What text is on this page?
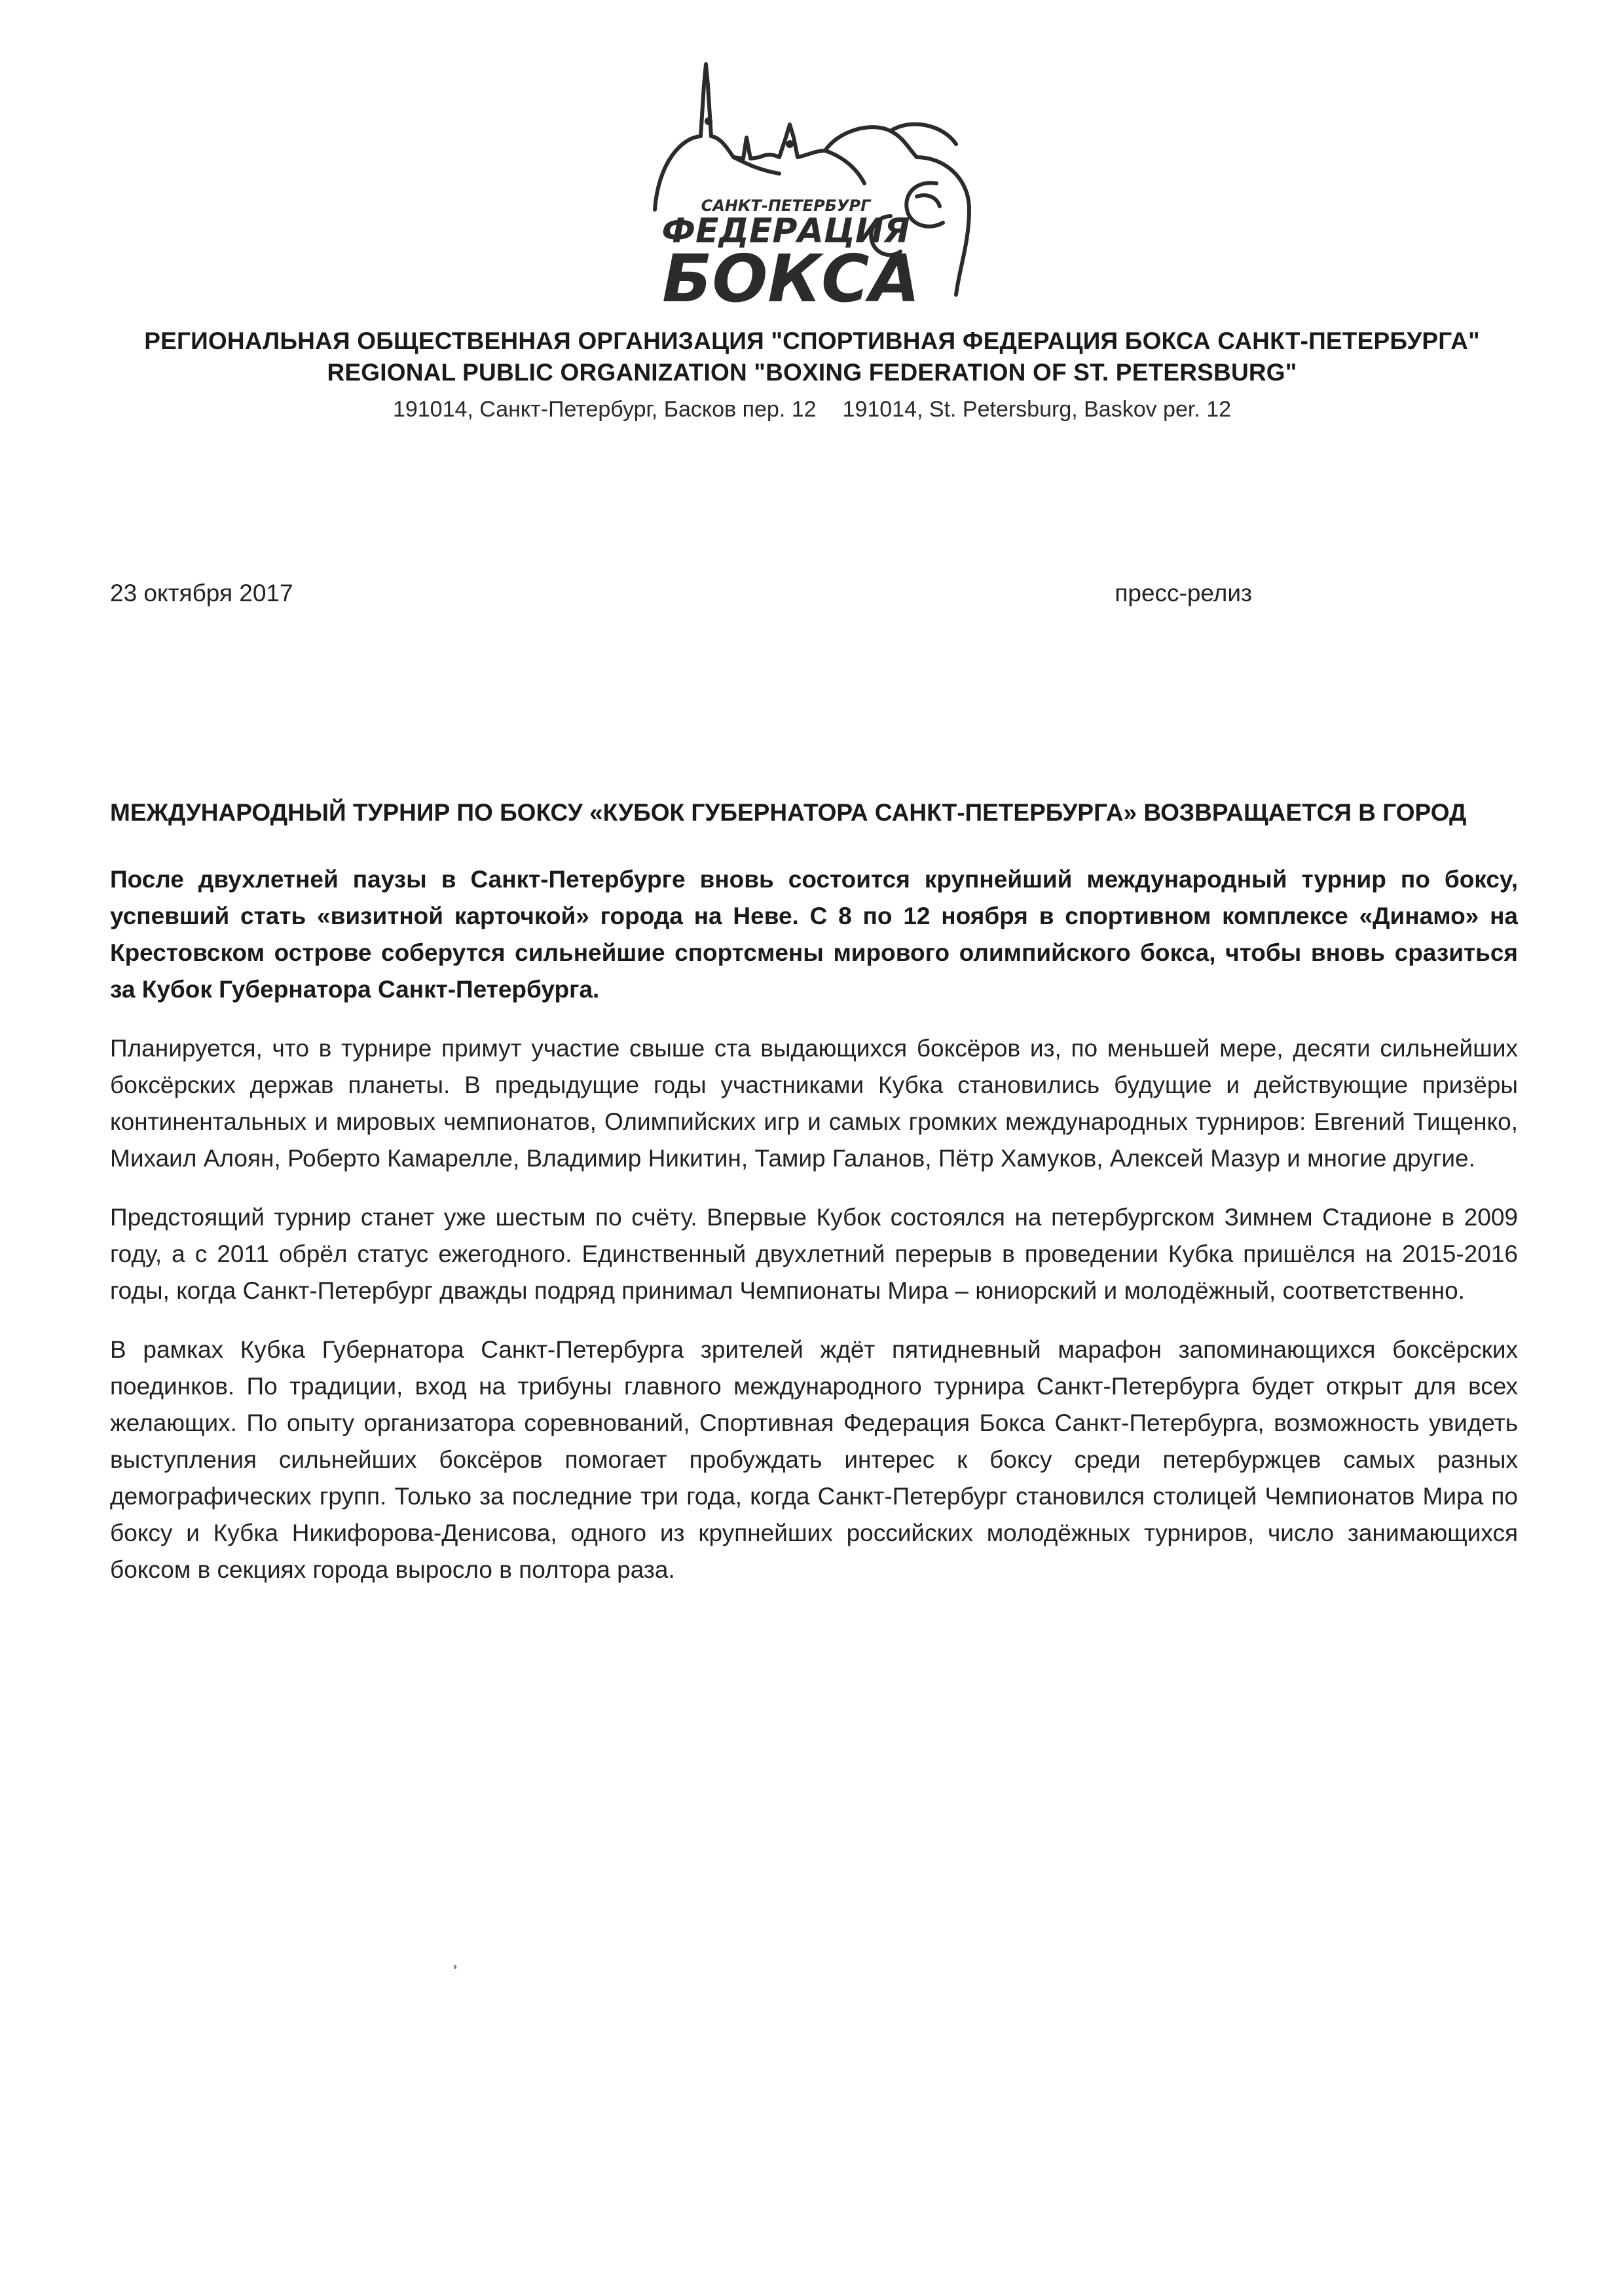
САНКТ-ПЕТЕРБУРГ
ФЕДЕРАЦИЯ
БОКСА
РЕГИОНАЛЬНАЯ ОБЩЕСТВЕННАЯ ОРГАНИЗАЦИЯ "СПОРТИВНАЯ ФЕДЕРАЦИЯ БОКСА САНКТ-ПЕТЕРБУРГА"
REGIONAL PUBLIC ORGANIZATION "BOXING FEDERATION OF ST. PETERSBURG"
191014, Санкт-Петербург, Басков пер. 12 191014, St. Petersburg, Baskov per. 12
23 октября 2017	пресс-релиз
МЕЖДУНАРОДНЫЙ ТУРНИР ПО БОКСУ «КУБОК ГУБЕРНАТОРА САНКТ-ПЕТЕРБУРГА» ВОЗВРАЩАЕТСЯ В ГОРОД

После двухлетней паузы в Санкт-Петербурге вновь состоится крупнейший международный турнир по боксу, успевший стать «визитной карточкой» города на Неве. С 8 по 12 ноября в спортивном комплексе «Динамо» на Крестовском острове соберутся сильнейшие спортсмены мирового олимпийского бокса, чтобы вновь сразиться за Кубок Губернатора Санкт-Петербурга.

Планируется, что в турнире примут участие свыше ста выдающихся боксёров из, по меньшей мере, десяти сильнейших боксёрских держав планеты. В предыдущие годы участниками Кубка становились будущие и действующие призёры континентальных и мировых чемпионатов, Олимпийских игр и самых громких международных турниров: Евгений Тищенко, Михаил Алоян, Роберто Камарелле, Владимир Никитин, Тамир Галанов, Пётр Хамуков, Алексей Мазур и многие другие.

Предстоящий турнир станет уже шестым по счёту. Впервые Кубок состоялся на петербургском Зимнем Стадионе в 2009 году, а с 2011 обрёл статус ежегодного. Единственный двухлетний перерыв в проведении Кубка пришёлся на 2015-2016 годы, когда Санкт-Петербург дважды подряд принимал Чемпионаты Мира – юниорский и молодёжный, соответственно.

В рамках Кубка Губернатора Санкт-Петербурга зрителей ждёт пятидневный марафон запоминающихся боксёрских поединков. По традиции, вход на трибуны главного международного турнира Санкт-Петербурга будет открыт для всех желающих. По опыту организатора соревнований, Спортивная Федерация Бокса Санкт-Петербурга, возможность увидеть выступления сильнейших боксёров помогает пробуждать интерес к боксу среди петербуржцев самых разных демографических групп. Только за последние три года, когда Санкт-Петербург становился столицей Чемпионатов Мира по боксу и Кубка Никифорова-Денисова, одного из крупнейших российских молодёжных турниров, число занимающихся боксом в секциях города выросло в полтора раза.
